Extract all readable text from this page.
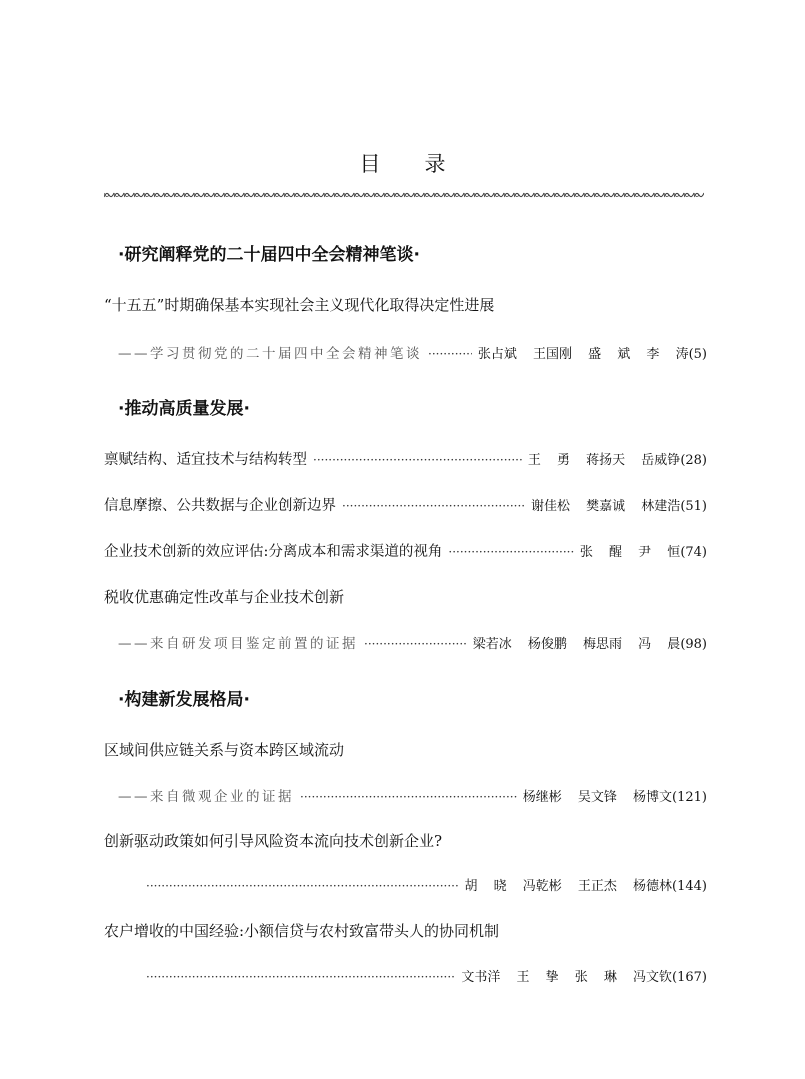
目录
·研究阐释党的二十届四中全会精神笔谈·
“十五五”时期确保基本实现社会主义现代化取得决定性进展
——学习贯彻党的二十届四中全会精神笔谈 ·····	张占斌 王国刚 盛 斌 李 涛 (5)
·推动高质量发展·
禀赋结构、适宜技术与结构转型 ·····	王 勇 蒋扬天 岳威铮 (28)
信息摩擦、公共数据与企业创新边界 ·····	谢佳松 樊嘉诚 林建浩 (51)
企业技术创新的效应评估:分离成本和需求渠道的视角 ·····	张 醒 尹 恒 (74)
税收优惠确定性改革与企业技术创新
——来自研发项目鉴定前置的证据 ·····	梁若冰 杨俊鹏 梅思雨 冯 晨 (98)
·构建新发展格局·
区域间供应链关系与资本跨区域流动
——来自微观企业的证据 ·····	杨继彬 吴文锋 杨博文 (121)
创新驱动政策如何引导风险资本流向技术创新企业?
·····
胡 晓 冯乾彬 王正杰 杨德林 (144)
农户增收的中国经验:小额信贷与农村致富带头人的协同机制
·····
文书洋 王 挚 张 琳 冯文钦 (167)
